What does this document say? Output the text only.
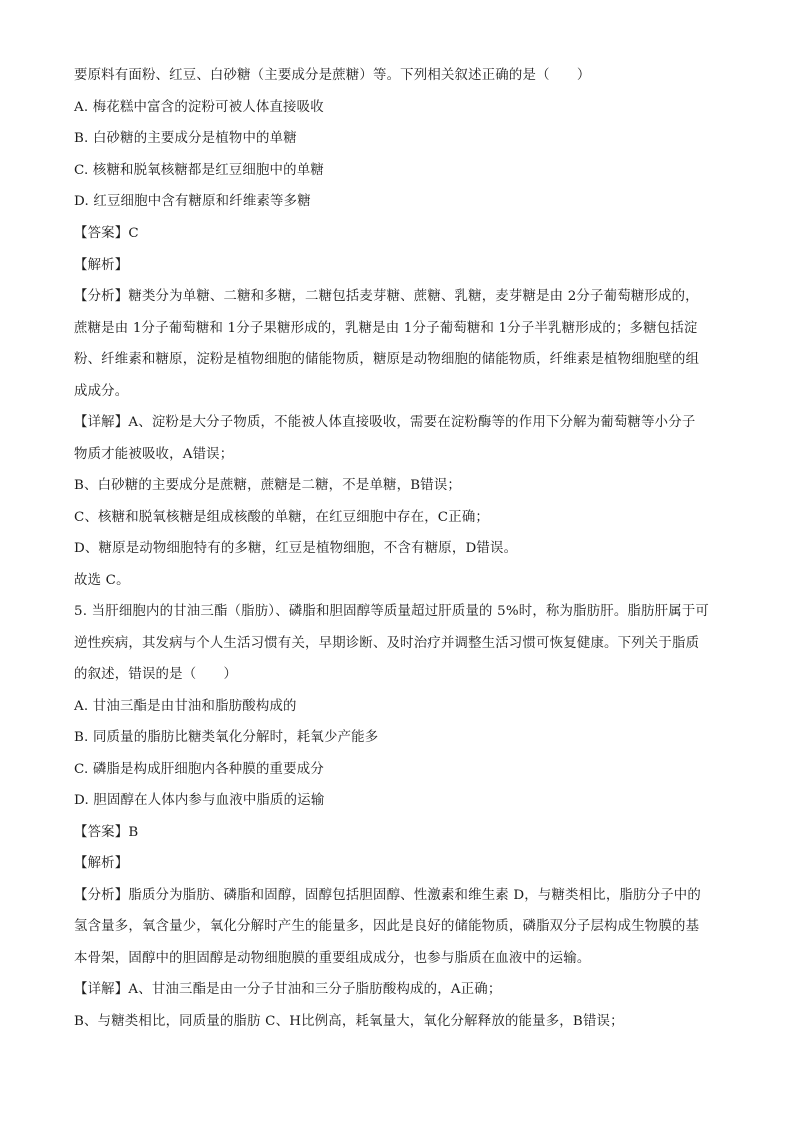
要原料有面粉、红豆、白砂糖（主要成分是蔗糖）等。下列相关叙述正确的是（　　）
A. 梅花糕中富含的淀粉可被人体直接吸收
B. 白砂糖的主要成分是植物中的单糖
C. 核糖和脱氧核糖都是红豆细胞中的单糖
D. 红豆细胞中含有糖原和纤维素等多糖
【答案】C
【解析】
【分析】糖类分为单糖、二糖和多糖，二糖包括麦芽糖、蔗糖、乳糖，麦芽糖是由 2分子葡萄糖形成的，
蔗糖是由 1分子葡萄糖和 1分子果糖形成的，乳糖是由 1分子葡萄糖和 1分子半乳糖形成的；多糖包括淀
粉、纤维素和糖原，淀粉是植物细胞的储能物质，糖原是动物细胞的储能物质，纤维素是植物细胞壁的组
成成分。
【详解】A、淀粉是大分子物质，不能被人体直接吸收，需要在淀粉酶等的作用下分解为葡萄糖等小分子
物质才能被吸收，A错误；
B、白砂糖的主要成分是蔗糖，蔗糖是二糖，不是单糖，B错误；
C、核糖和脱氧核糖是组成核酸的单糖，在红豆细胞中存在，C正确；
D、糖原是动物细胞特有的多糖，红豆是植物细胞，不含有糖原，D错误。
故选 C。
5. 当肝细胞内的甘油三酯（脂肪）、磷脂和胆固醇等质量超过肝质量的 5%时，称为脂肪肝。脂肪肝属于可
逆性疾病，其发病与个人生活习惯有关，早期诊断、及时治疗并调整生活习惯可恢复健康。下列关于脂质
的叙述，错误的是（　　）
A. 甘油三酯是由甘油和脂肪酸构成的
B. 同质量的脂肪比糖类氧化分解时，耗氧少产能多
C. 磷脂是构成肝细胞内各种膜的重要成分
D. 胆固醇在人体内参与血液中脂质的运输
【答案】B
【解析】
【分析】脂质分为脂肪、磷脂和固醇，固醇包括胆固醇、性激素和维生素 D，与糖类相比，脂肪分子中的
氢含量多，氧含量少，氧化分解时产生的能量多，因此是良好的储能物质，磷脂双分子层构成生物膜的基
本骨架，固醇中的胆固醇是动物细胞膜的重要组成成分，也参与脂质在血液中的运输。
【详解】A、甘油三酯是由一分子甘油和三分子脂肪酸构成的，A正确；
B、与糖类相比，同质量的脂肪 C、H比例高，耗氧量大，氧化分解释放的能量多，B错误；
